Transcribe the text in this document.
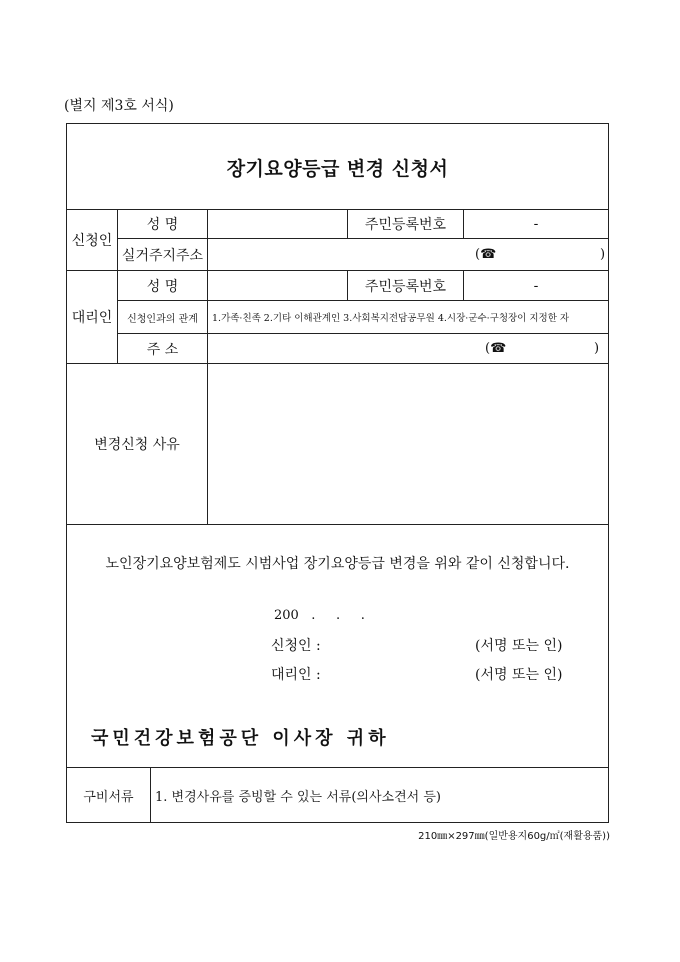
(별지 제3호 서식)
장기요양등급 변경 신청서
신청인
성 명	주민등록번호	-
실거주지주소	(☎	)
대리인
성 명	주민등록번호	-
신청인과의 관계	1.가족·친족 2.기타 이해관계인 3.사회복지전담공무원 4.시장·군수·구청장이 지정한 자
주 소	(☎	)
변경신청 사유
노인장기요양보험제도 시범사업 장기요양등급 변경을 위와 같이 신청합니다.
200   .     .     .
신청인 :	(서명 또는 인)
대리인 :	(서명 또는 인)
국민건강보험공단 이사장 귀하
구비서류	1. 변경사유를 증빙할 수 있는 서류(의사소견서 등)
210㎜×297㎜(일반용지60g/㎡(재활용품))
